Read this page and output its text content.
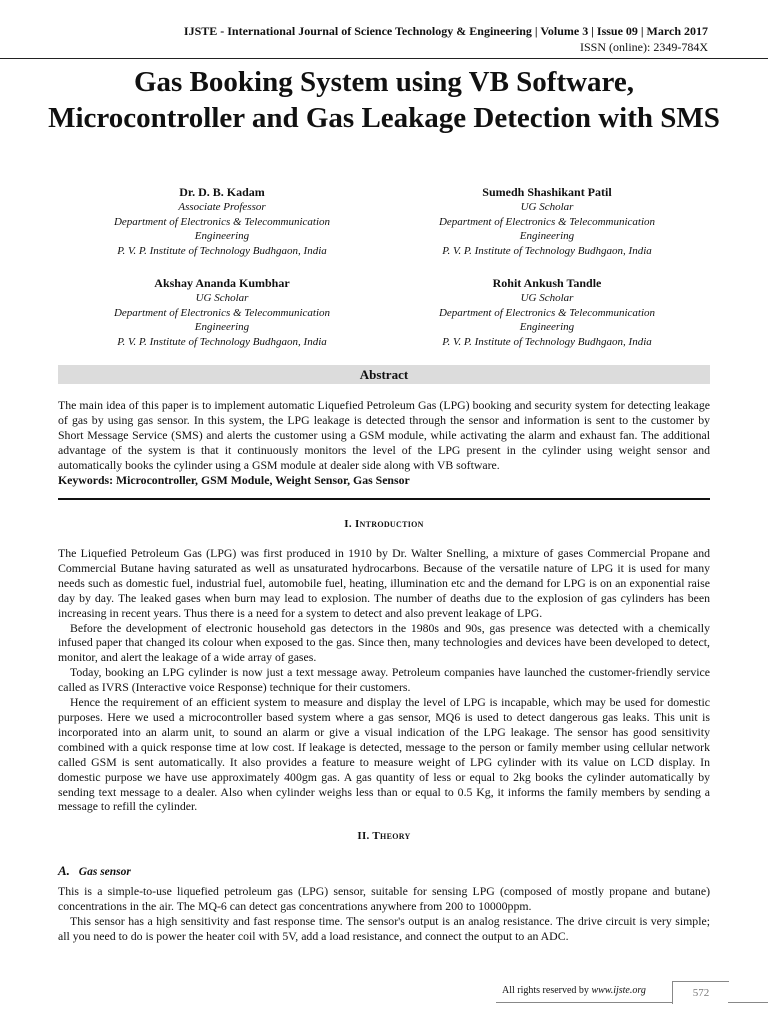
IJSTE - International Journal of Science Technology & Engineering | Volume 3 | Issue 09 | March 2017
ISSN (online): 2349-784X
Gas Booking System using VB Software, Microcontroller and Gas Leakage Detection with SMS
Dr. D. B. Kadam
Associate Professor
Department of Electronics & Telecommunication
Engineering
P. V. P. Institute of Technology Budhgaon, India
Sumedh Shashikant Patil
UG Scholar
Department of Electronics & Telecommunication
Engineering
P. V. P. Institute of Technology Budhgaon, India
Akshay Ananda Kumbhar
UG Scholar
Department of Electronics & Telecommunication
Engineering
P. V. P. Institute of Technology Budhgaon, India
Rohit Ankush Tandle
UG Scholar
Department of Electronics & Telecommunication
Engineering
P. V. P. Institute of Technology Budhgaon, India
Abstract
The main idea of this paper is to implement automatic Liquefied Petroleum Gas (LPG) booking and security system for detecting leakage of gas by using gas sensor. In this system, the LPG leakage is detected through the sensor and information is sent to the customer by Short Message Service (SMS) and alerts the customer using a GSM module, while activating the alarm and exhaust fan. The additional advantage of the system is that it continuously monitors the level of the LPG present in the cylinder using weight sensor and automatically books the cylinder using a GSM module at dealer side along with VB software.
Keywords: Microcontroller, GSM Module, Weight Sensor, Gas Sensor
I. Introduction

The Liquefied Petroleum Gas (LPG) was first produced in 1910 by Dr. Walter Snelling, a mixture of gases Commercial Propane and Commercial Butane having saturated as well as unsaturated hydrocarbons. Because of the versatile nature of LPG it is used for many needs such as domestic fuel, industrial fuel, automobile fuel, heating, illumination etc and the demand for LPG is on an exponential raise day by day. The leaked gases when burn may lead to explosion. The number of deaths due to the explosion of gas cylinders has been increasing in recent years. Thus there is a need for a system to detect and also prevent leakage of LPG.

Before the development of electronic household gas detectors in the 1980s and 90s, gas presence was detected with a chemically infused paper that changed its colour when exposed to the gas. Since then, many technologies and devices have been developed to detect, monitor, and alert the leakage of a wide array of gases.

Today, booking an LPG cylinder is now just a text message away. Petroleum companies have launched the customer-friendly service called as IVRS (Interactive voice Response) technique for their customers.

Hence the requirement of an efficient system to measure and display the level of LPG is incapable, which may be used for domestic purposes. Here we used a microcontroller based system where a gas sensor, MQ6 is used to detect dangerous gas leaks. This unit is incorporated into an alarm unit, to sound an alarm or give a visual indication of the LPG leakage. The sensor has good sensitivity combined with a quick response time at low cost. If leakage is detected, message to the person or family member using cellular network called GSM is sent automatically. It also provides a feature to measure weight of LPG cylinder with its value on LCD display. In domestic purpose we have use approximately 400gm gas. A gas quantity of less or equal to 2kg books the cylinder automatically by sending text message to a dealer. Also when cylinder weighs less than or equal to 0.5 Kg, it informs the family members by sending a message to refill the cylinder.

II. Theory
A. Gas sensor

This is a simple-to-use liquefied petroleum gas (LPG) sensor, suitable for sensing LPG (composed of mostly propane and butane) concentrations in the air. The MQ-6 can detect gas concentrations anywhere from 200 to 10000ppm.

This sensor has a high sensitivity and fast response time. The sensor's output is an analog resistance. The drive circuit is very simple; all you need to do is power the heater coil with 5V, add a load resistance, and connect the output to an ADC.

All rights reserved by www.ijste.org	572
